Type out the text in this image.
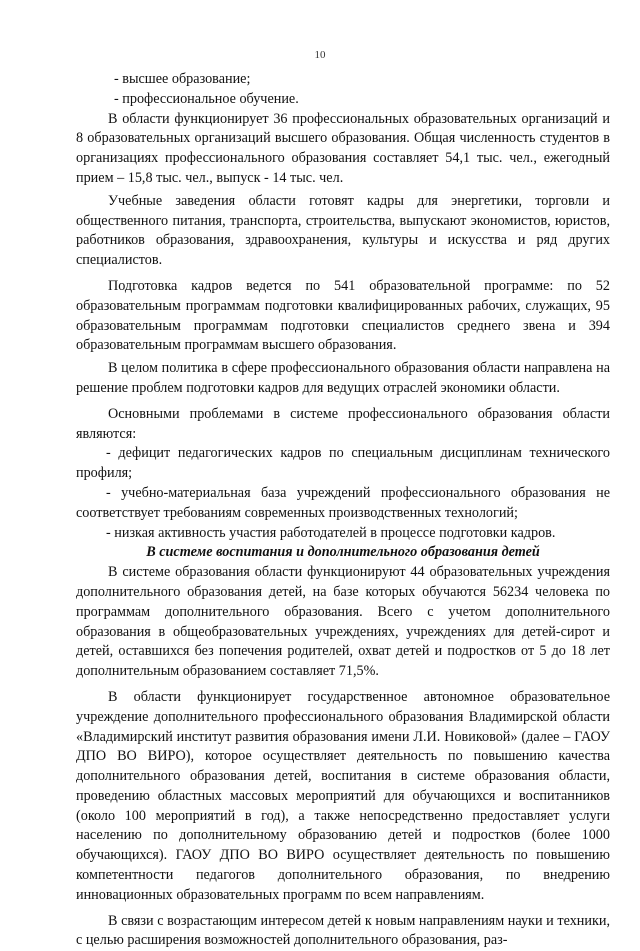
10

- высшее образование;

- профессиональное обучение.

В области функционирует 36 профессиональных образовательных организаций и 8 образовательных организаций высшего образования. Общая численность студентов в организациях профессионального образования составляет 54,1 тыс. чел., ежегодный прием – 15,8 тыс. чел., выпуск - 14 тыс. чел.

Учебные заведения области готовят кадры для энергетики, торговли и общественного питания, транспорта, строительства, выпускают экономистов, юристов, работников образования, здравоохранения, культуры и искусства и ряд других специалистов.

Подготовка кадров ведется по 541 образовательной программе: по 52 образовательным программам подготовки квалифицированных рабочих, служащих, 95 образовательным программам подготовки специалистов среднего звена и 394 образовательным программам высшего образования.

В целом политика в сфере профессионального образования области направлена на решение проблем подготовки кадров для ведущих отраслей экономики области.

Основными проблемами в системе профессионального образования области являются:

- дефицит педагогических кадров по специальным дисциплинам технического профиля;

- учебно-материальная база учреждений профессионального образования не соответствует требованиям современных производственных технологий;

- низкая активность участия работодателей в процессе подготовки кадров.

В системе воспитания и дополнительного образования детей

В системе образования области функционируют 44 образовательных учреждения дополнительного образования детей, на базе которых обучаются 56234 человека по программам дополнительного образования. Всего с учетом дополнительного образования в общеобразовательных учреждениях, учреждениях для детей-сирот и детей, оставшихся без попечения родителей, охват детей и подростков от 5 до 18 лет дополнительным образованием составляет 71,5%.

В области функционирует государственное автономное образовательное учреждение дополнительного профессионального образования Владимирской области «Владимирский институт развития образования имени Л.И. Новиковой» (далее – ГАОУ ДПО ВО ВИРО), которое осуществляет деятельность по повышению качества дополнительного образования детей, воспитания в системе образования области, проведению областных массовых мероприятий для обучающихся и воспитанников (около 100 мероприятий в год), а также непосредственно предоставляет услуги населению по дополнительному образованию детей и подростков (более 1000 обучающихся). ГАОУ ДПО ВО ВИРО осуществляет деятельность по повышению компетентности педагогов дополнительного образования, по внедрению инновационных образовательных программ по всем направлениям.

В связи с возрастающим интересом детей к новым направлениям науки и техники, с целью расширения возможностей дополнительного образования, раз-
